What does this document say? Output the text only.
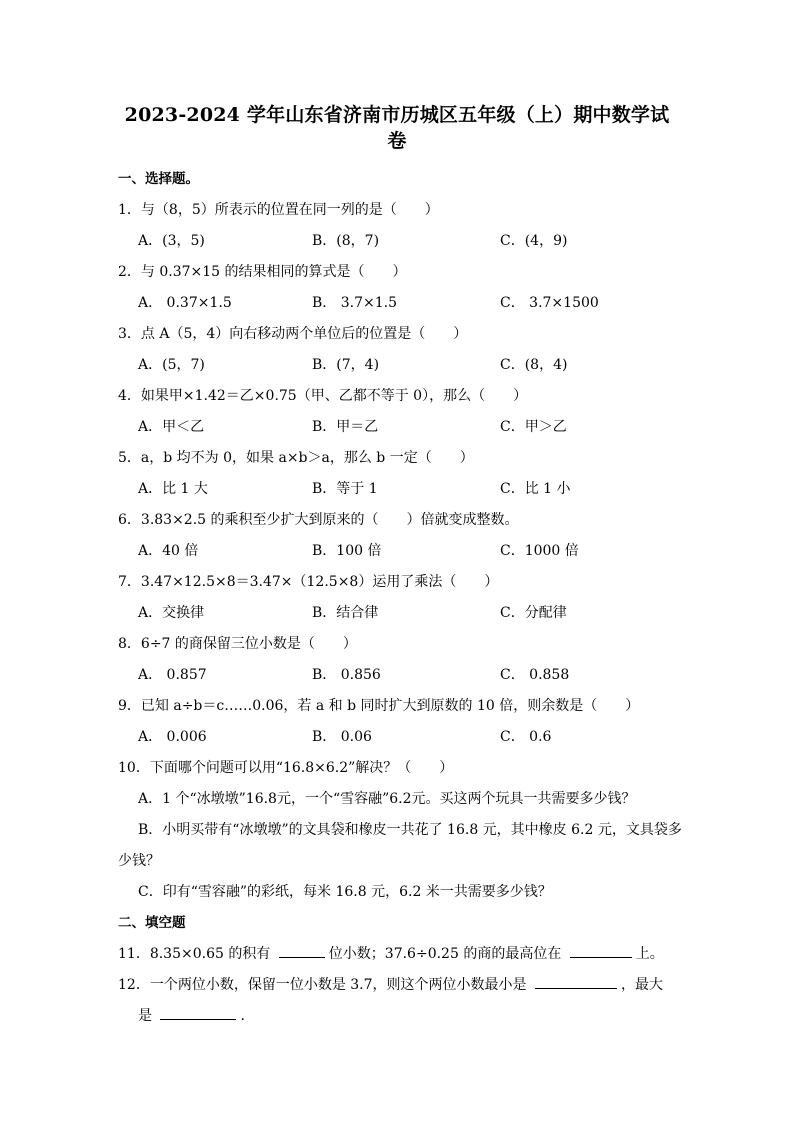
2023-2024 学年山东省济南市历城区五年级（上）期中数学试卷

一、选择题。

1．与（8，5）所表示的位置在同一列的是（　　）

A．(3，5)	B．(8，7)	C．(4，9)

2．与 0.37×15 的结果相同的算式是（　　）

A． 0.37×1.5	B． 3.7×1.5	C． 3.7×1500

3．点 A（5，4）向右移动两个单位后的位置是（　　）

A．(5，7)	B．(7，4)	C．(8，4)

4．如果甲×1.42＝乙×0.75（甲、乙都不等于 0），那么（　　）

A．甲＜乙	B．甲＝乙	C．甲＞乙

5．a，b 均不为 0，如果 a×b＞a，那么 b 一定（　　）

A．比 1 大	B．等于 1	C．比 1 小

6．3.83×2.5 的乘积至少扩大到原来的（　　）倍就变成整数。

A．40 倍	B．100 倍	C．1000 倍

7．3.47×12.5×8＝3.47×（12.5×8）运用了乘法（　　）

A．交换律	B．结合律	C．分配律

8．6÷7 的商保留三位小数是（　　）

A． 0.857	B． 0.856	C． 0.858

9．已知 a÷b＝c……0.06，若 a 和 b 同时扩大到原数的 10 倍，则余数是（　　）

A． 0.006	B． 0.06	C． 0.6

10．下面哪个问题可以用“16.8×6.2”解决？（　　）

A．1 个“冰墩墩”16.8元，一个“雪容融”6.2元。买这两个玩具一共需要多少钱？
B．小明买带有“冰墩墩”的文具袋和橡皮一共花了 16.8 元，其中橡皮 6.2 元，文具袋多
少钱？
C．印有“雪容融”的彩纸，每米 16.8 元，6.2 米一共需要多少钱？

二、填空题

11．8.35×0.65 的积有	位小数；37.6÷0.25 的商的最高位在	上。
12．一个两位小数，保留一位小数是 3.7，则这个两位小数最小是	，最大
是	.
